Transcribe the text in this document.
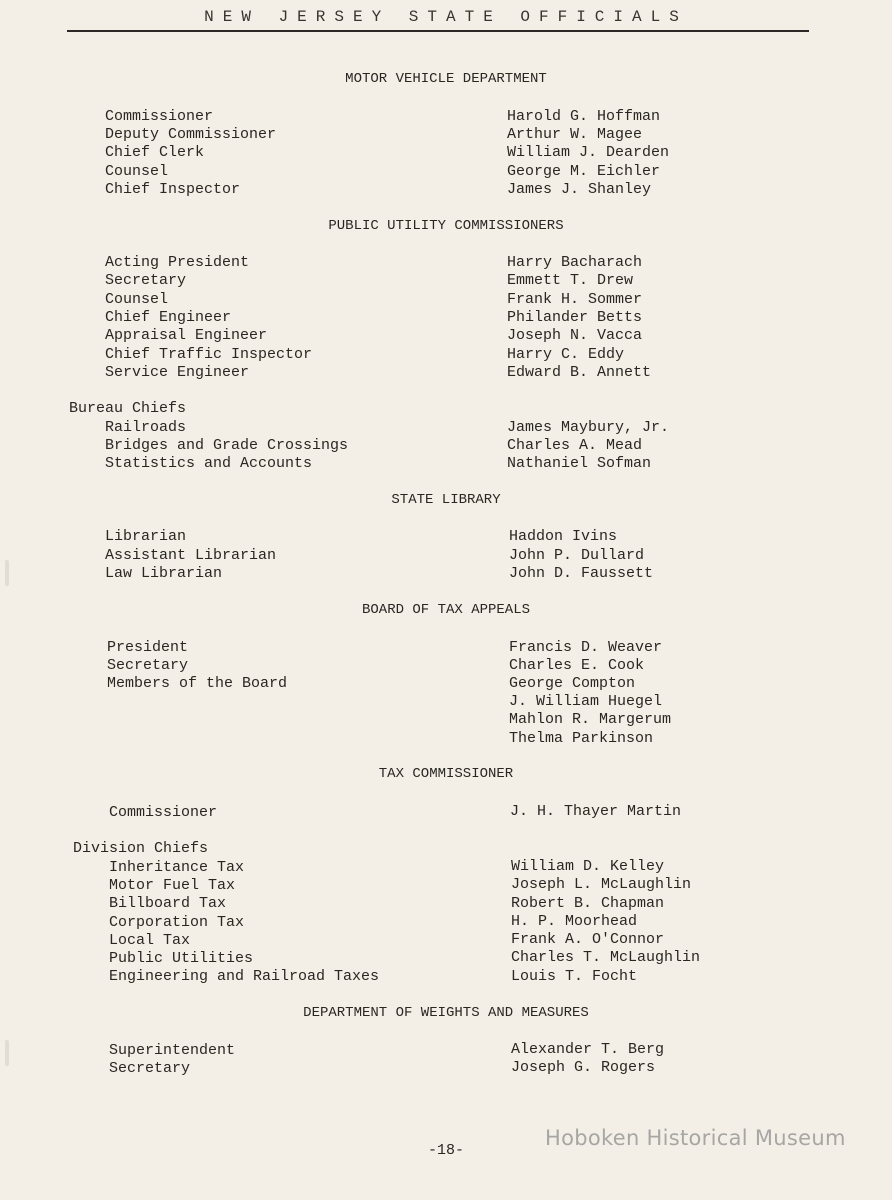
NEW JERSEY STATE OFFICIALS
MOTOR VEHICLE DEPARTMENT
Commissioner	Harold G. Hoffman
Deputy Commissioner	Arthur W. Magee
Chief Clerk	William J. Dearden
Counsel	George M. Eichler
Chief Inspector	James J. Shanley
PUBLIC UTILITY COMMISSIONERS
Acting President	Harry Bacharach
Secretary	Emmett T. Drew
Counsel	Frank H. Sommer
Chief Engineer	Philander Betts
Appraisal Engineer	Joseph N. Vacca
Chief Traffic Inspector	Harry C. Eddy
Service Engineer	Edward B. Annett
Bureau Chiefs
Railroads	James Maybury, Jr.
Bridges and Grade Crossings	Charles A. Mead
Statistics and Accounts	Nathaniel Sofman
STATE LIBRARY
Librarian	Haddon Ivins
Assistant Librarian	John P. Dullard
Law Librarian	John D. Faussett
BOARD OF TAX APPEALS
President	Francis D. Weaver
Secretary	Charles E. Cook
Members of the Board	George Compton
J. William Huegel
Mahlon R. Margerum
Thelma Parkinson
TAX COMMISSIONER
Commissioner	J. H. Thayer Martin
Division Chiefs
Inheritance Tax	William D. Kelley
Motor Fuel Tax	Joseph L. McLaughlin
Billboard Tax	Robert B. Chapman
Corporation Tax	H. P. Moorhead
Local Tax	Frank A. O'Connor
Public Utilities	Charles T. McLaughlin
Engineering and Railroad Taxes	Louis T. Focht
DEPARTMENT OF WEIGHTS AND MEASURES
Superintendent	Alexander T. Berg
Secretary	Joseph G. Rogers
-18-
Hoboken Historical Museum
